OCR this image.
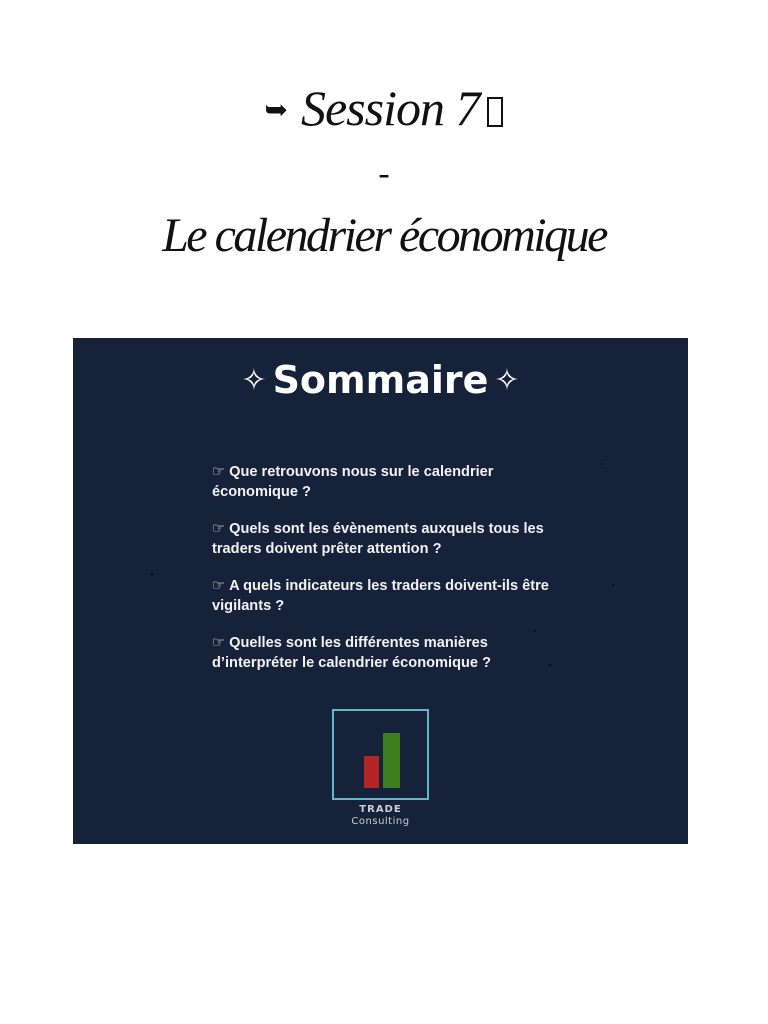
➥ Session 7
-
Le calendrier économique
✧ Sommaire ✧
☞ Que retrouvons nous sur le calendrier économique ?
☞ Quels sont les évènements auxquels tous les traders doivent prêter attention ?
☞ A quels indicateurs les traders doivent-ils être vigilants ?
☞ Quelles sont les différentes manières d’interpréter le calendrier économique ?
TRADE
Consulting
